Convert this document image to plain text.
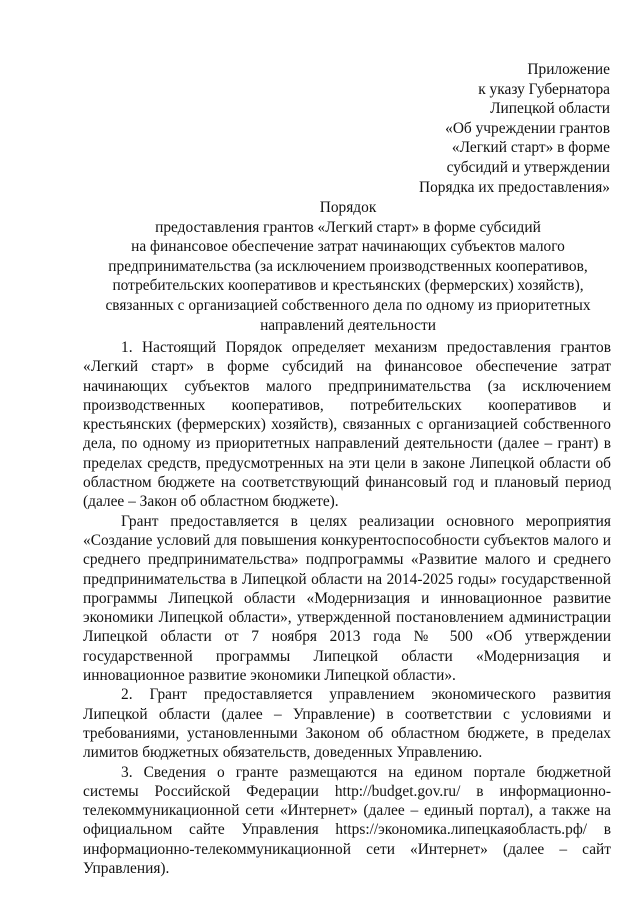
Приложение
к указу Губернатора
Липецкой области
«Об учреждении грантов
«Легкий старт» в форме
субсидий и утверждении
Порядка их предоставления»
Порядок
предоставления грантов «Легкий старт» в форме субсидий
на финансовое обеспечение затрат начинающих субъектов малого
предпринимательства (за исключением производственных кооперативов,
потребительских кооперативов и крестьянских (фермерских) хозяйств),
связанных с организацией собственного дела по одному из приоритетных
направлений деятельности

1. Настоящий Порядок определяет механизм предоставления грантов «Легкий старт» в форме субсидий на финансовое обеспечение затрат начинающих субъектов малого предпринимательства (за исключением производственных кооперативов, потребительских кооперативов и крестьянских (фермерских) хозяйств), связанных с организацией собственного дела, по одному из приоритетных направлений деятельности (далее – грант) в пределах средств, предусмотренных на эти цели в законе Липецкой области об областном бюджете на соответствующий финансовый год и плановый период (далее – Закон об областном бюджете).

Грант предоставляется в целях реализации основного мероприятия «Создание условий для повышения конкурентоспособности субъектов малого и среднего предпринимательства» подпрограммы «Развитие малого и среднего предпринимательства в Липецкой области на 2014-2025 годы» государственной программы Липецкой области «Модернизация и инновационное развитие экономики Липецкой области», утвержденной постановлением администрации Липецкой области от 7 ноября 2013 года № 500 «Об утверждении государственной программы Липецкой области «Модернизация и инновационное развитие экономики Липецкой области».

2. Грант предоставляется управлением экономического развития Липецкой области (далее – Управление) в соответствии с условиями и требованиями, установленными Законом об областном бюджете, в пределах лимитов бюджетных обязательств, доведенных Управлению.

3. Сведения о гранте размещаются на едином портале бюджетной системы Российской Федерации http://budget.gov.ru/ в информационно-телекоммуникационной сети «Интернет» (далее – единый портал), а также на официальном сайте Управления https://экономика.липецкаяобласть.рф/ в информационно-телекоммуникационной сети «Интернет» (далее – сайт Управления).
